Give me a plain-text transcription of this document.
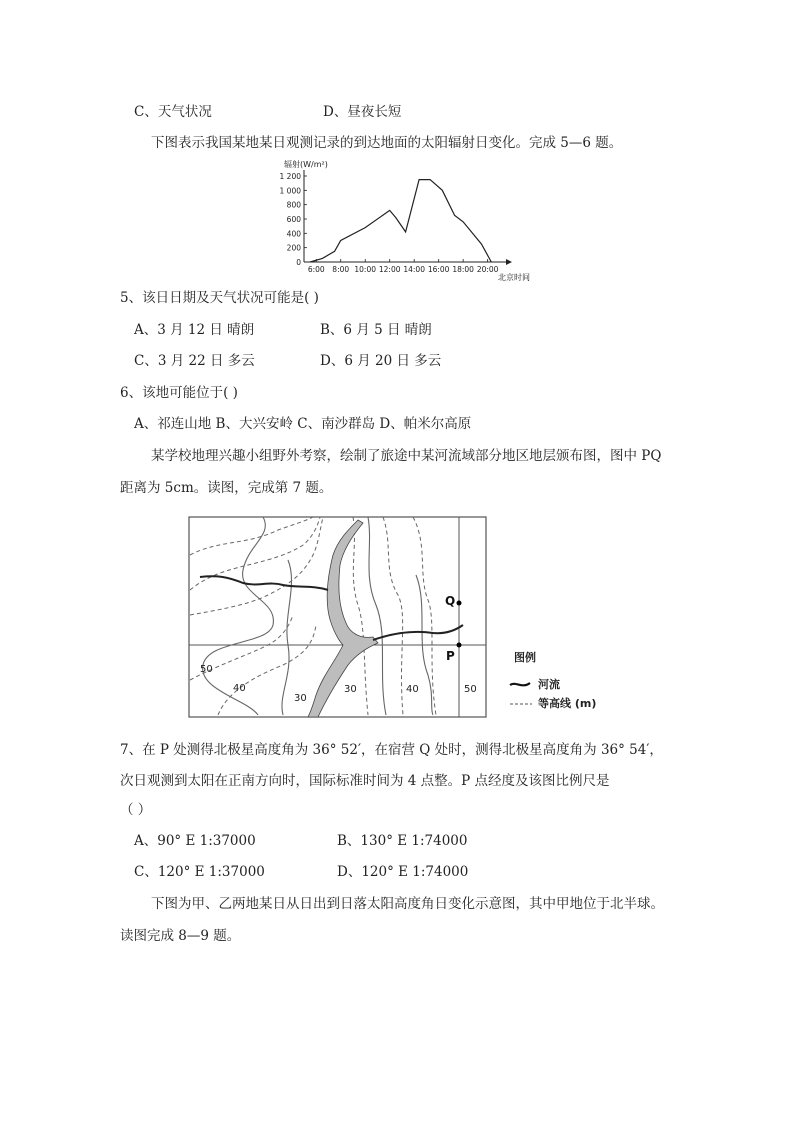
C、天气状况	D、昼夜长短
下图表示我国某地某日观测记录的到达地面的太阳辐射日变化。完成 5—6 题。
辐射(W/m²)
0
200
400
600
800
1 000
1 200
6:00 8:00 10:00 12:00 14:00 16:00 18:00 20:00
北京时间
5、该日日期及天气状况可能是( )
A、3 月 12 日 晴朗	B、6 月 5 日 晴朗
C、3 月 22 日 多云	D、6 月 20 日 多云
6、该地可能位于( )
A、祁连山地 B、大兴安岭 C、南沙群岛 D、帕米尔高原
某学校地理兴趣小组野外考察，绘制了旅途中某河流域部分地区地层颁布图，图中 PQ
距离为 5cm。读图，完成第 7 题。
Q
P
50
40
30
30	40	50
图例
河流
等高线 (m)
7、在 P 处测得北极星高度角为 36° 52′，在宿营 Q 处时，测得北极星高度角为 36° 54′，
次日观测到太阳在正南方向时，国际标准时间为 4 点整。P 点经度及该图比例尺是
（ ）
A、90° E 1:37000	B、130° E 1:74000
C、120° E 1:37000	D、120° E 1:74000
下图为甲、乙两地某日从日出到日落太阳高度角日变化示意图，其中甲地位于北半球。
读图完成 8—9 题。
